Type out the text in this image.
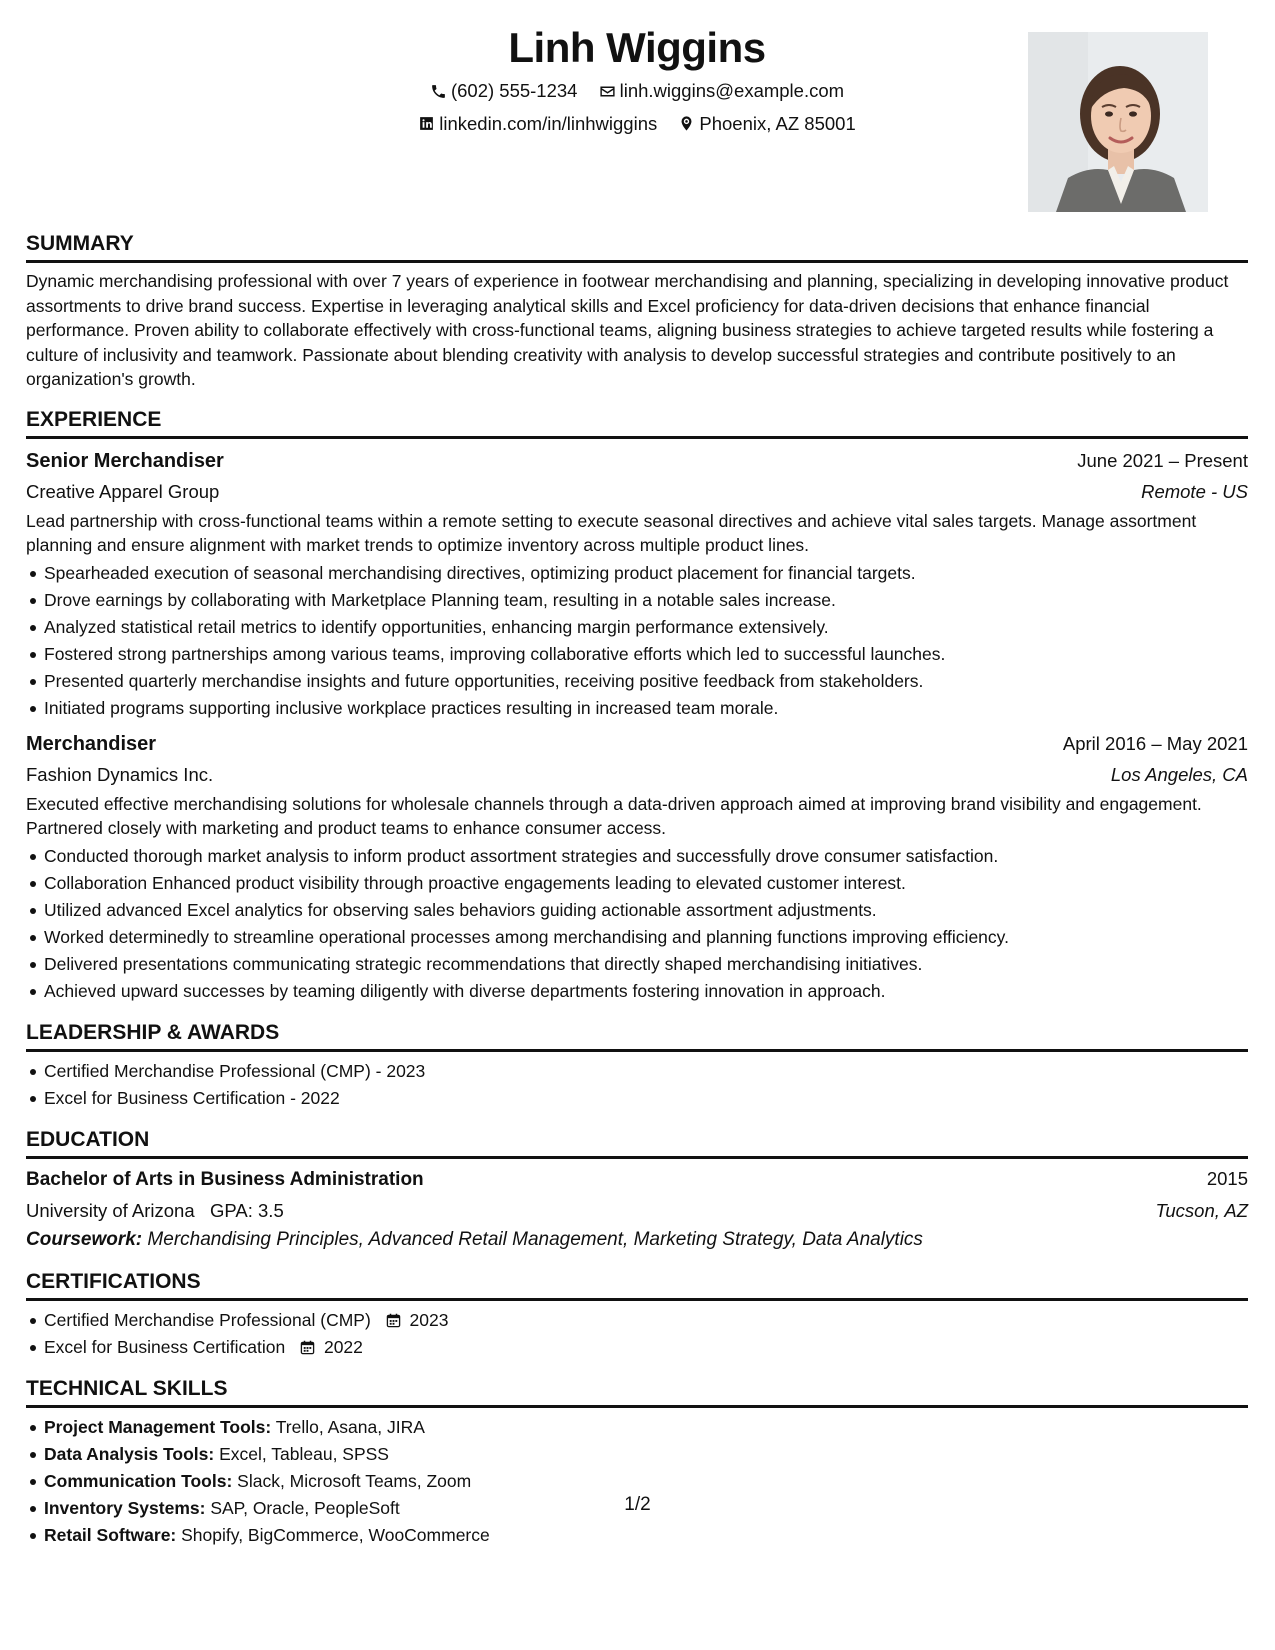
Linh Wiggins
(602) 555-1234
linh.wiggins@example.com
linkedin.com/in/linhwiggins
Phoenix, AZ 85001
SUMMARY

Dynamic merchandising professional with over 7 years of experience in footwear merchandising and planning, specializing in developing innovative product assortments to drive brand success. Expertise in leveraging analytical skills and Excel proficiency for data-driven decisions that enhance financial performance. Proven ability to collaborate effectively with cross-functional teams, aligning business strategies to achieve targeted results while fostering a culture of inclusivity and teamwork. Passionate about blending creativity with analysis to develop successful strategies and contribute positively to an organization's growth.

EXPERIENCE
Senior Merchandiser	June 2021 – Present
Creative Apparel Group	Remote - US

Lead partnership with cross-functional teams within a remote setting to execute seasonal directives and achieve vital sales targets. Manage assortment planning and ensure alignment with market trends to optimize inventory across multiple product lines.

Spearheaded execution of seasonal merchandising directives, optimizing product placement for financial targets.
Drove earnings by collaborating with Marketplace Planning team, resulting in a notable sales increase.
Analyzed statistical retail metrics to identify opportunities, enhancing margin performance extensively.
Fostered strong partnerships among various teams, improving collaborative efforts which led to successful launches.
Presented quarterly merchandise insights and future opportunities, receiving positive feedback from stakeholders.
Initiated programs supporting inclusive workplace practices resulting in increased team morale.
Merchandiser	April 2016 – May 2021
Fashion Dynamics Inc.	Los Angeles, CA

Executed effective merchandising solutions for wholesale channels through a data-driven approach aimed at improving brand visibility and engagement. Partnered closely with marketing and product teams to enhance consumer access.

Conducted thorough market analysis to inform product assortment strategies and successfully drove consumer satisfaction.
Collaboration Enhanced product visibility through proactive engagements leading to elevated customer interest.
Utilized advanced Excel analytics for observing sales behaviors guiding actionable assortment adjustments.
Worked determinedly to streamline operational processes among merchandising and planning functions improving efficiency.
Delivered presentations communicating strategic recommendations that directly shaped merchandising initiatives.
Achieved upward successes by teaming diligently with diverse departments fostering innovation in approach.
LEADERSHIP & AWARDS
Certified Merchandise Professional (CMP) - 2023
Excel for Business Certification - 2022
EDUCATION
Bachelor of Arts in Business Administration	2015
University of Arizona GPA: 3.5	Tucson, AZ
Coursework: Merchandising Principles, Advanced Retail Management, Marketing Strategy, Data Analytics
CERTIFICATIONS
Certified Merchandise Professional (CMP) 2023
Excel for Business Certification 2022
TECHNICAL SKILLS
Project Management Tools: Trello, Asana, JIRA
Data Analysis Tools: Excel, Tableau, SPSS
Communication Tools: Slack, Microsoft Teams, Zoom
Inventory Systems: SAP, Oracle, PeopleSoft
Retail Software: Shopify, BigCommerce, WooCommerce
1/2
